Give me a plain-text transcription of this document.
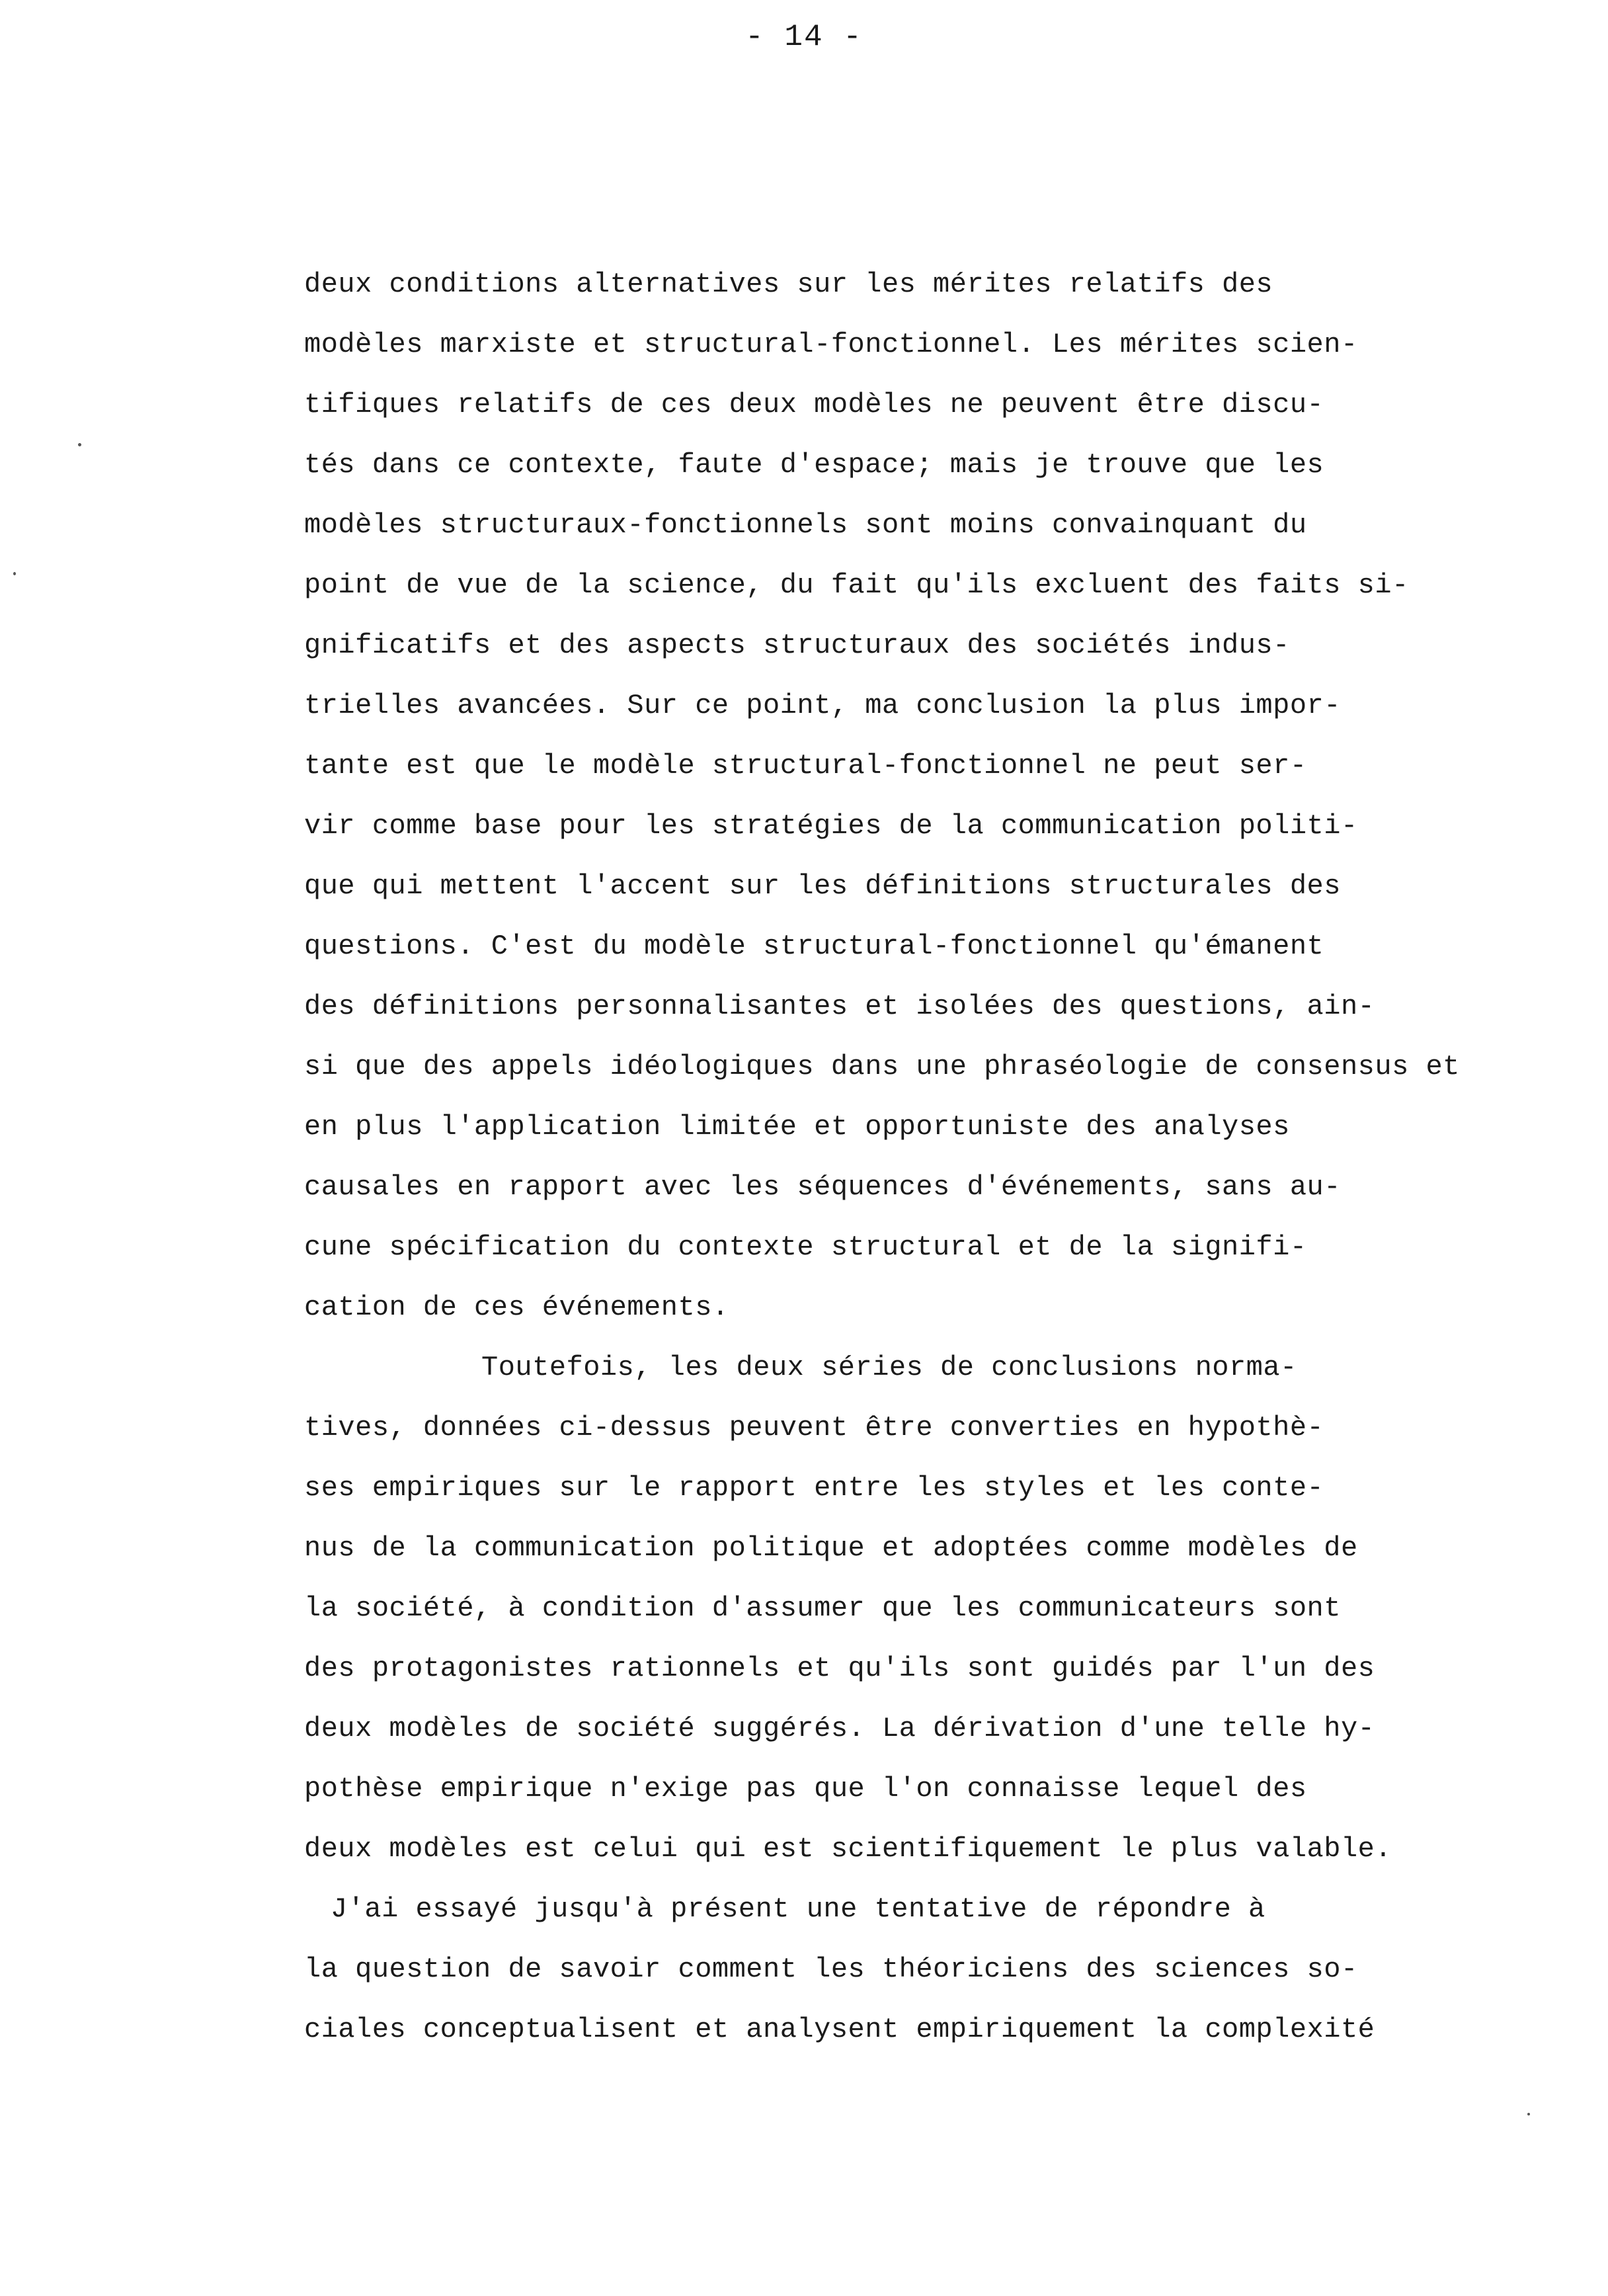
- 14 -
deux conditions alternatives sur les mérites relatifs des
modèles marxiste et structural-fonctionnel. Les mérites scien-
tifiques relatifs de ces deux modèles ne peuvent être discu-
tés dans ce contexte, faute d'espace; mais je trouve que les
modèles structuraux-fonctionnels sont moins convainquant du
point de vue de la science, du fait qu'ils excluent des faits si-
gnificatifs et des aspects structuraux des sociétés indus-
trielles avancées. Sur ce point, ma conclusion la plus impor-
tante est que le modèle structural-fonctionnel ne peut ser-
vir comme base pour les stratégies de la communication politi-
que qui mettent l'accent sur les définitions structurales des
questions. C'est du modèle structural-fonctionnel qu'émanent
des définitions personnalisantes et isolées des questions, ain-
si que des appels idéologiques dans une phraséologie de consensus et
en plus l'application limitée et opportuniste des analyses
causales en rapport avec les séquences d'événements, sans au-
cune spécification du contexte structural et de la signifi-
cation de ces événements.
Toutefois, les deux séries de conclusions norma-
tives, données ci-dessus peuvent être converties en hypothè-
ses empiriques sur le rapport entre les styles et les conte-
nus de la communication politique et adoptées comme modèles de
la société, à condition d'assumer que les communicateurs sont
des protagonistes rationnels et qu'ils sont guidés par l'un des
deux modèles de société suggérés. La dérivation d'une telle hy-
pothèse empirique n'exige pas que l'on connaisse lequel des
deux modèles est celui qui est scientifiquement le plus valable.
J'ai essayé jusqu'à présent une tentative de répondre à
la question de savoir comment les théoriciens des sciences so-
ciales conceptualisent et analysent empiriquement la complexité
